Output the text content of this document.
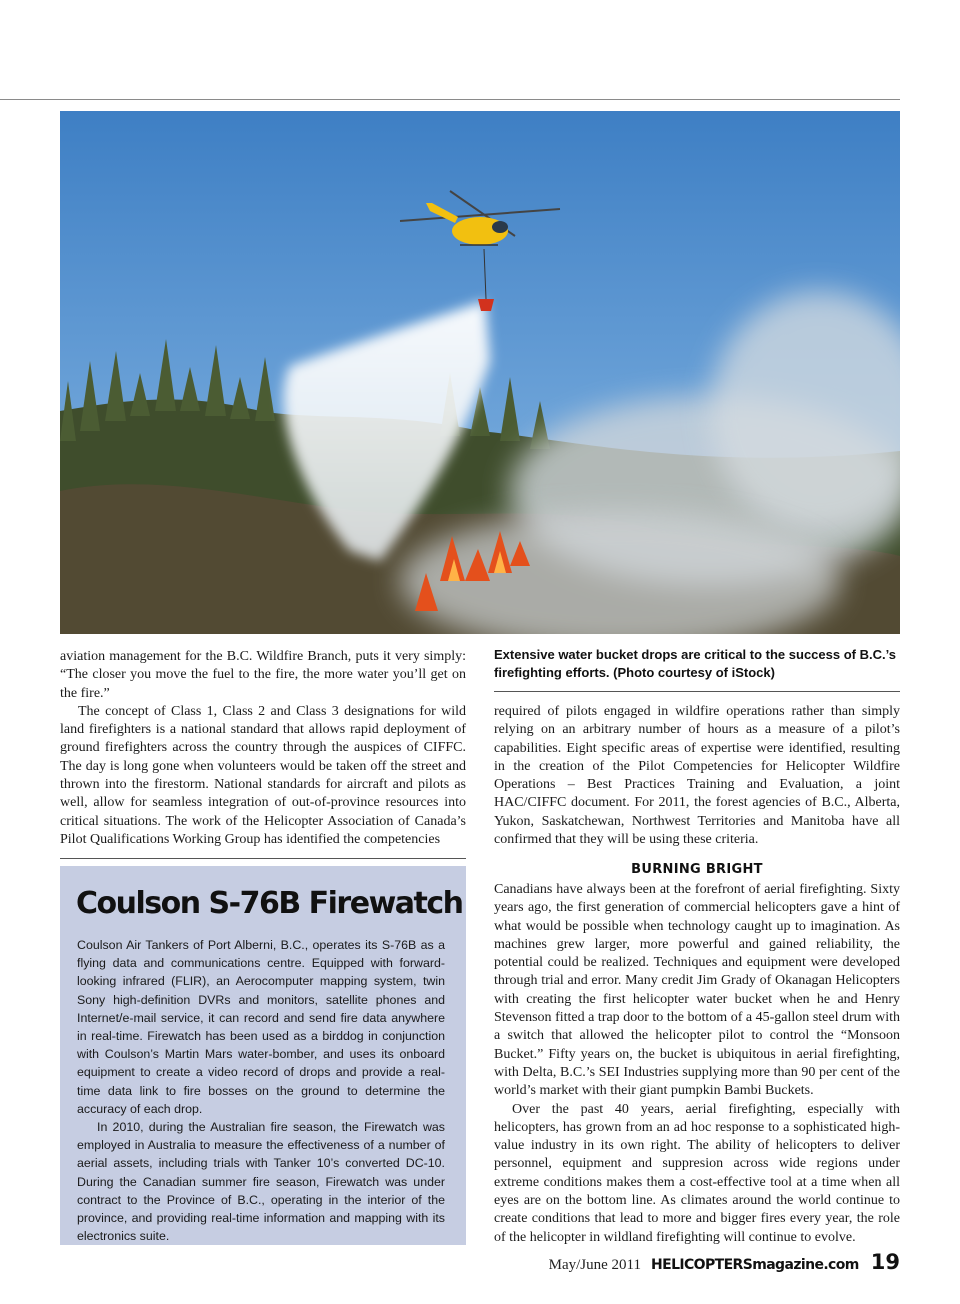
aviation management for the B.C. Wildfire Branch, puts it very simply: “The closer you move the fuel to the fire, the more water you’ll get on the fire.”

The concept of Class 1, Class 2 and Class 3 designations for wild land firefighters is a national standard that allows rapid deployment of ground firefighters across the country through the auspices of CIFFC. The day is long gone when volunteers would be taken off the street and thrown into the firestorm. National standards for aircraft and pilots as well, allow for seamless integration of out-of-province resources into critical situations. The work of the Helicopter Association of Canada’s Pilot Qualifications Working Group has identified the competencies

Extensive water bucket drops are critical to the success of B.C.’s firefighting efforts. (Photo courtesy of iStock)

required of pilots engaged in wildfire operations rather than simply relying on an arbitrary number of hours as a measure of a pilot’s capabilities. Eight specific areas of expertise were identified, resulting in the creation of the Pilot Competencies for Helicopter Wildfire Operations – Best Practices Training and Evaluation, a joint HAC/CIFFC document. For 2011, the forest agencies of B.C., Alberta, Yukon, Saskatchewan, Northwest Territories and Manitoba have all confirmed that they will be using these criteria.

Coulson S-76B Firewatch

Coulson Air Tankers of Port Alberni, B.C., operates its S-76B as a flying data and communications centre. Equipped with forward-looking infrared (FLIR), an Aerocomputer mapping system, twin Sony high-definition DVRs and monitors, satellite phones and Internet/e-mail service, it can record and send fire data anywhere in real-time. Firewatch has been used as a birddog in conjunction with Coulson’s Martin Mars water-bomber, and uses its onboard equipment to create a video record of drops and provide a real-time data link to fire bosses on the ground to determine the accuracy of each drop.

In 2010, during the Australian fire season, the Firewatch was employed in Australia to measure the effectiveness of a number of aerial assets, including trials with Tanker 10’s converted DC-10. During the Canadian summer fire season, Firewatch was under contract to the Province of B.C., operating in the interior of the province, and providing real-time information and mapping with its electronics suite.

BURNING BRIGHT

Canadians have always been at the forefront of aerial firefighting. Sixty years ago, the first generation of commercial helicopters gave a hint of what would be possible when technology caught up to imagination. As machines grew larger, more powerful and gained reliability, the potential could be realized. Techniques and equipment were developed through trial and error. Many credit Jim Grady of Okanagan Helicopters with creating the first helicopter water bucket when he and Henry Stevenson fitted a trap door to the bottom of a 45-gallon steel drum with a switch that allowed the helicopter pilot to control the “Monsoon Bucket.” Fifty years on, the bucket is ubiquitous in aerial firefighting, with Delta, B.C.’s SEI Industries supplying more than 90 per cent of the world’s market with their giant pumpkin Bambi Buckets.

Over the past 40 years, aerial firefighting, especially with helicopters, has grown from an ad hoc response to a sophisticated high-value industry in its own right. The ability of helicopters to deliver personnel, equipment and suppresion across wide regions under extreme conditions makes them a cost-effective tool at a time when all eyes are on the bottom line. As climates around the world continue to create conditions that lead to more and bigger fires every year, the role of the helicopter in wildland firefighting will continue to evolve.

May/June 2011 HELICOPTERSmagazine.com 19
